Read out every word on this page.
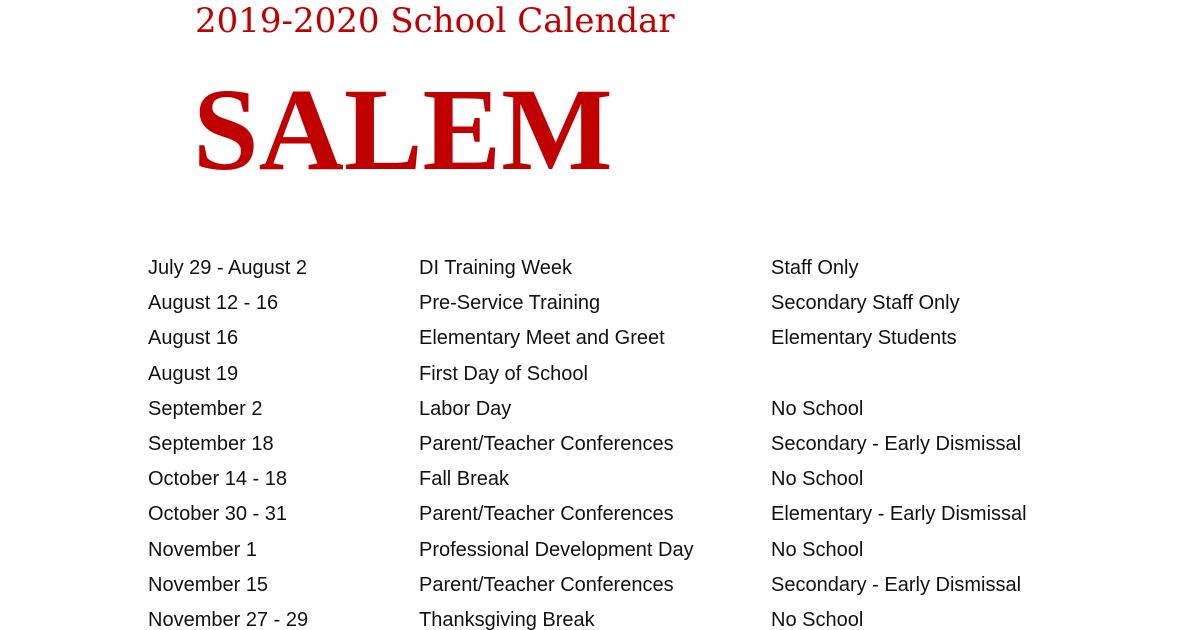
2019-2020 School Calendar
SALEM
July 29 - August 2	DI Training Week	Staff Only
August 12 - 16	Pre-Service Training	Secondary Staff Only
August 16	Elementary Meet and Greet	Elementary Students
August 19	First Day of School
September 2	Labor Day	No School
September 18	Parent/Teacher Conferences	Secondary - Early Dismissal
October 14 - 18	Fall Break	No School
October 30 - 31	Parent/Teacher Conferences	Elementary - Early Dismissal
November 1	Professional Development Day	No School
November 15	Parent/Teacher Conferences	Secondary - Early Dismissal
November 27 - 29	Thanksgiving Break	No School
